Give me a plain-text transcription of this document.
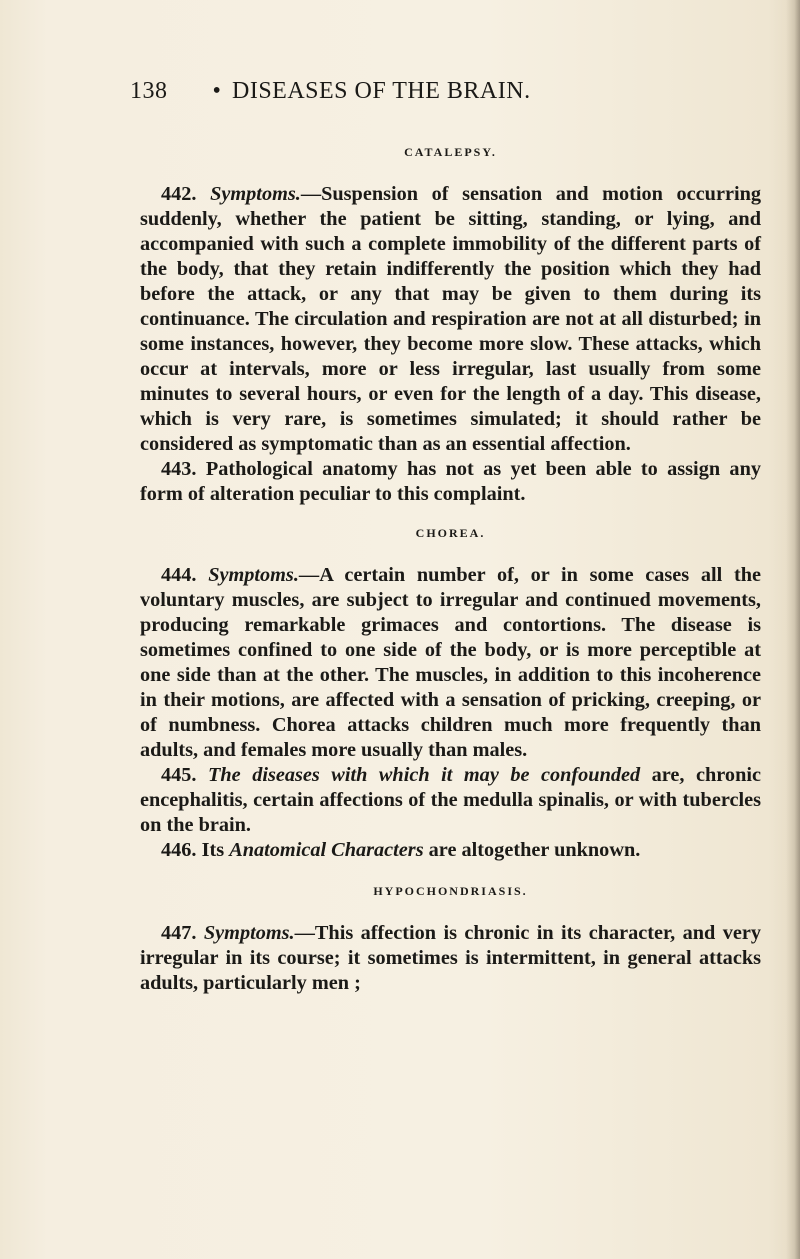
138 • DISEASES OF THE BRAIN.
CATALEPSY.

442. Symptoms.—Suspension of sensation and motion occurring suddenly, whether the patient be sitting, standing, or lying, and accompanied with such a complete immobility of the different parts of the body, that they retain indifferently the position which they had before the attack, or any that may be given to them during its continuance. The circulation and respiration are not at all disturbed; in some instances, however, they become more slow. These attacks, which occur at intervals, more or less irregular, last usually from some minutes to several hours, or even for the length of a day. This disease, which is very rare, is sometimes simulated; it should rather be considered as symptomatic than as an essential affection.

443. Pathological anatomy has not as yet been able to assign any form of alteration peculiar to this complaint.

CHOREA.

444. Symptoms.—A certain number of, or in some cases all the voluntary muscles, are subject to irregular and continued movements, producing remarkable grimaces and contortions. The disease is sometimes confined to one side of the body, or is more perceptible at one side than at the other. The muscles, in addition to this incoherence in their motions, are affected with a sensation of pricking, creeping, or of numbness. Chorea attacks children much more frequently than adults, and females more usually than males.

445. The diseases with which it may be confounded are, chronic encephalitis, certain affections of the medulla spinalis, or with tubercles on the brain.

446. Its Anatomical Characters are altogether unknown.

HYPOCHONDRIASIS.

447. Symptoms.—This affection is chronic in its character, and very irregular in its course; it sometimes is intermittent, in general attacks adults, particularly men ;
